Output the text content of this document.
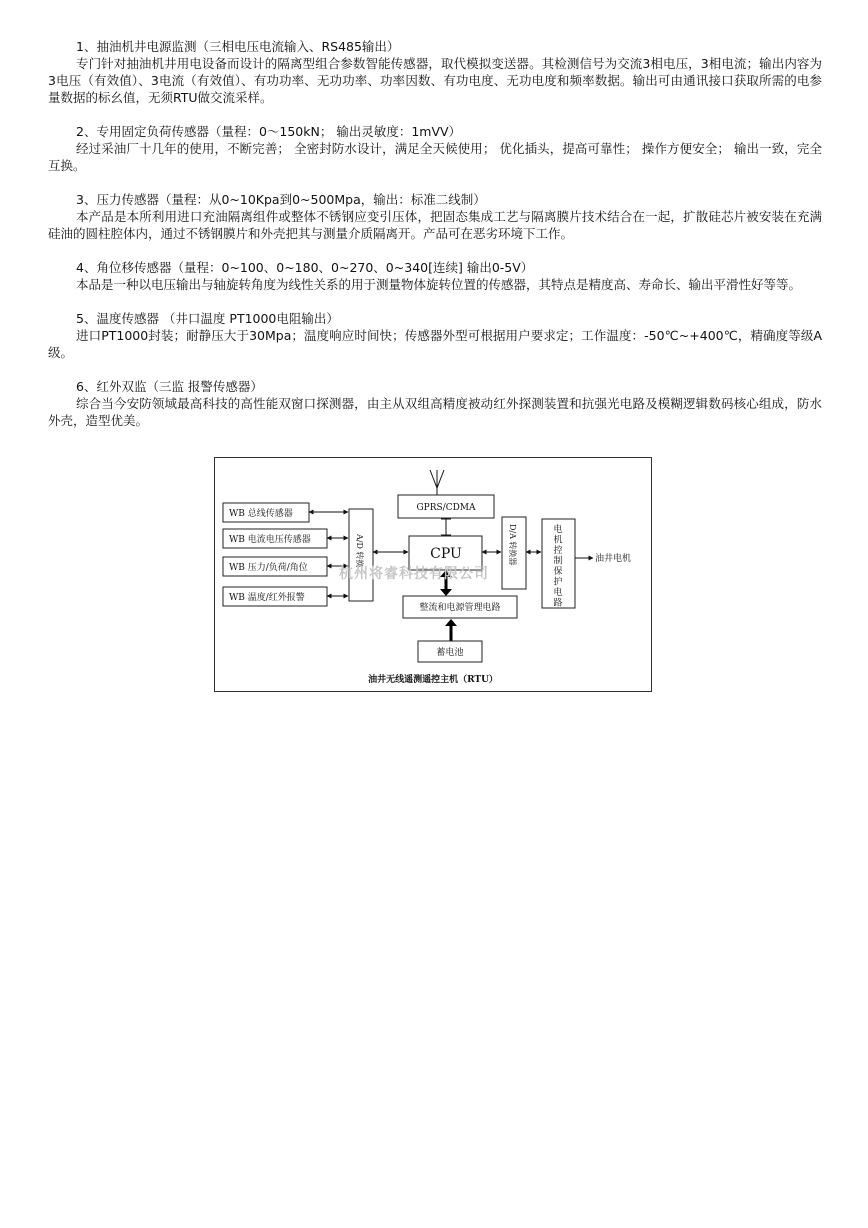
1、抽油机井电源监测（三相电压电流输入、RS485输出）
专门针对抽油机井用电设备而设计的隔离型组合参数智能传感器，取代模拟变送器。其检测信号为交流3相电压，3相电流；输出内容为3电压（有效值）、3电流（有效值）、有功功率、无功功率、功率因数、有功电度、无功电度和频率数据。输出可由通讯接口获取所需的电参量数据的标幺值，无须RTU做交流采样。
2、专用固定负荷传感器（量程：0～150kN； 输出灵敏度：1mVV）
经过采油厂十几年的使用，不断完善； 全密封防水设计，满足全天候使用； 优化插头，提高可靠性； 操作方便安全； 输出一致，完全互换。
3、压力传感器（量程：从0~10Kpa到0~500Mpa，输出：标准二线制）
本产品是本所利用进口充油隔离组件或整体不锈钢应变引压体，把固态集成工艺与隔离膜片技术结合在一起，扩散硅芯片被安装在充满硅油的圆柱腔体内，通过不锈钢膜片和外壳把其与测量介质隔离开。产品可在恶劣环境下工作。
4、角位移传感器（量程：0~100、0~180、0~270、0~340[连续] 输出0-5V）
本品是一种以电压输出与轴旋转角度为线性关系的用于测量物体旋转位置的传感器，其特点是精度高、寿命长、输出平滑性好等等。
5、温度传感器 （井口温度 PT1000电阻输出）
进口PT1000封装；耐静压大于30Mpa；温度响应时间快；传感器外型可根据用户要求定；工作温度：-50℃~+400℃，精确度等级A级。
6、红外双监（三监 报警传感器）
综合当今安防领域最高科技的高性能双窗口探测器，由主从双组高精度被动红外探测装置和抗强光电路及模糊逻辑数码核心组成，防水外壳，造型优美。
WB 总线传感器
WB 电流电压传感器
WB 压力/负荷/角位
WB 温度/红外报警
A/D 转换
GPRS/CDMA
CPU	D/A 转换器	电机控制保护电路
油井电机
整流和电源管理电路
蓄电池
杭州将睿科技有限公司
油井无线遥测遥控主机（RTU）
